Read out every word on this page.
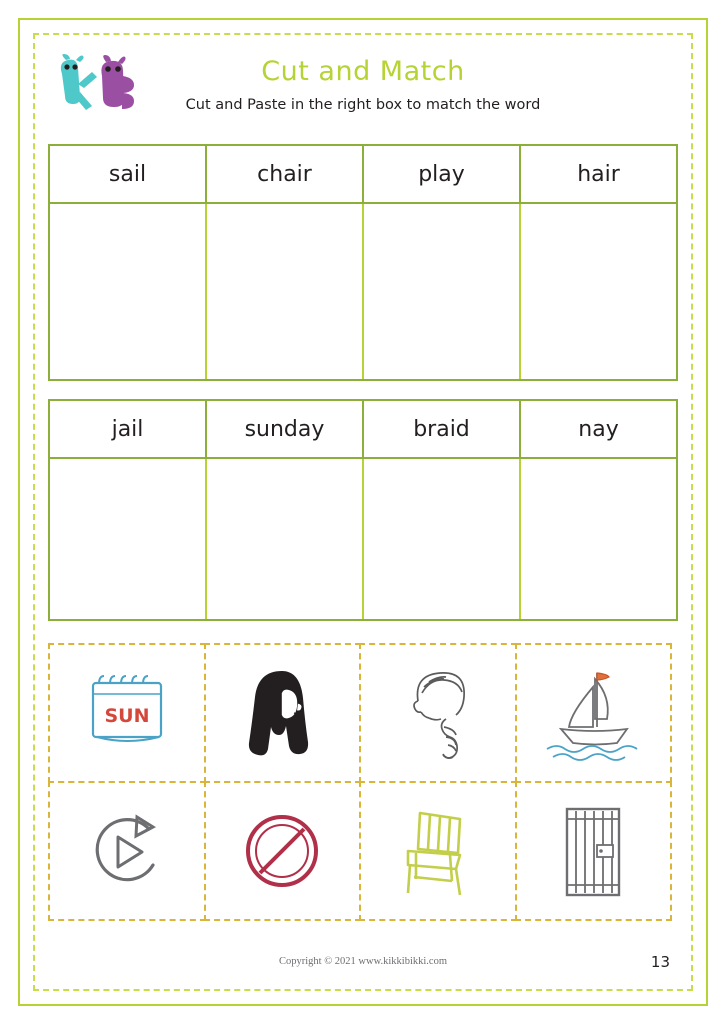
Cut and Match
Cut and Paste in the right box to match the word
sail	chair	play	hair
jail	sunday	braid	nay
SUN
Copyright © 2021 www.kikkibikki.com	13
